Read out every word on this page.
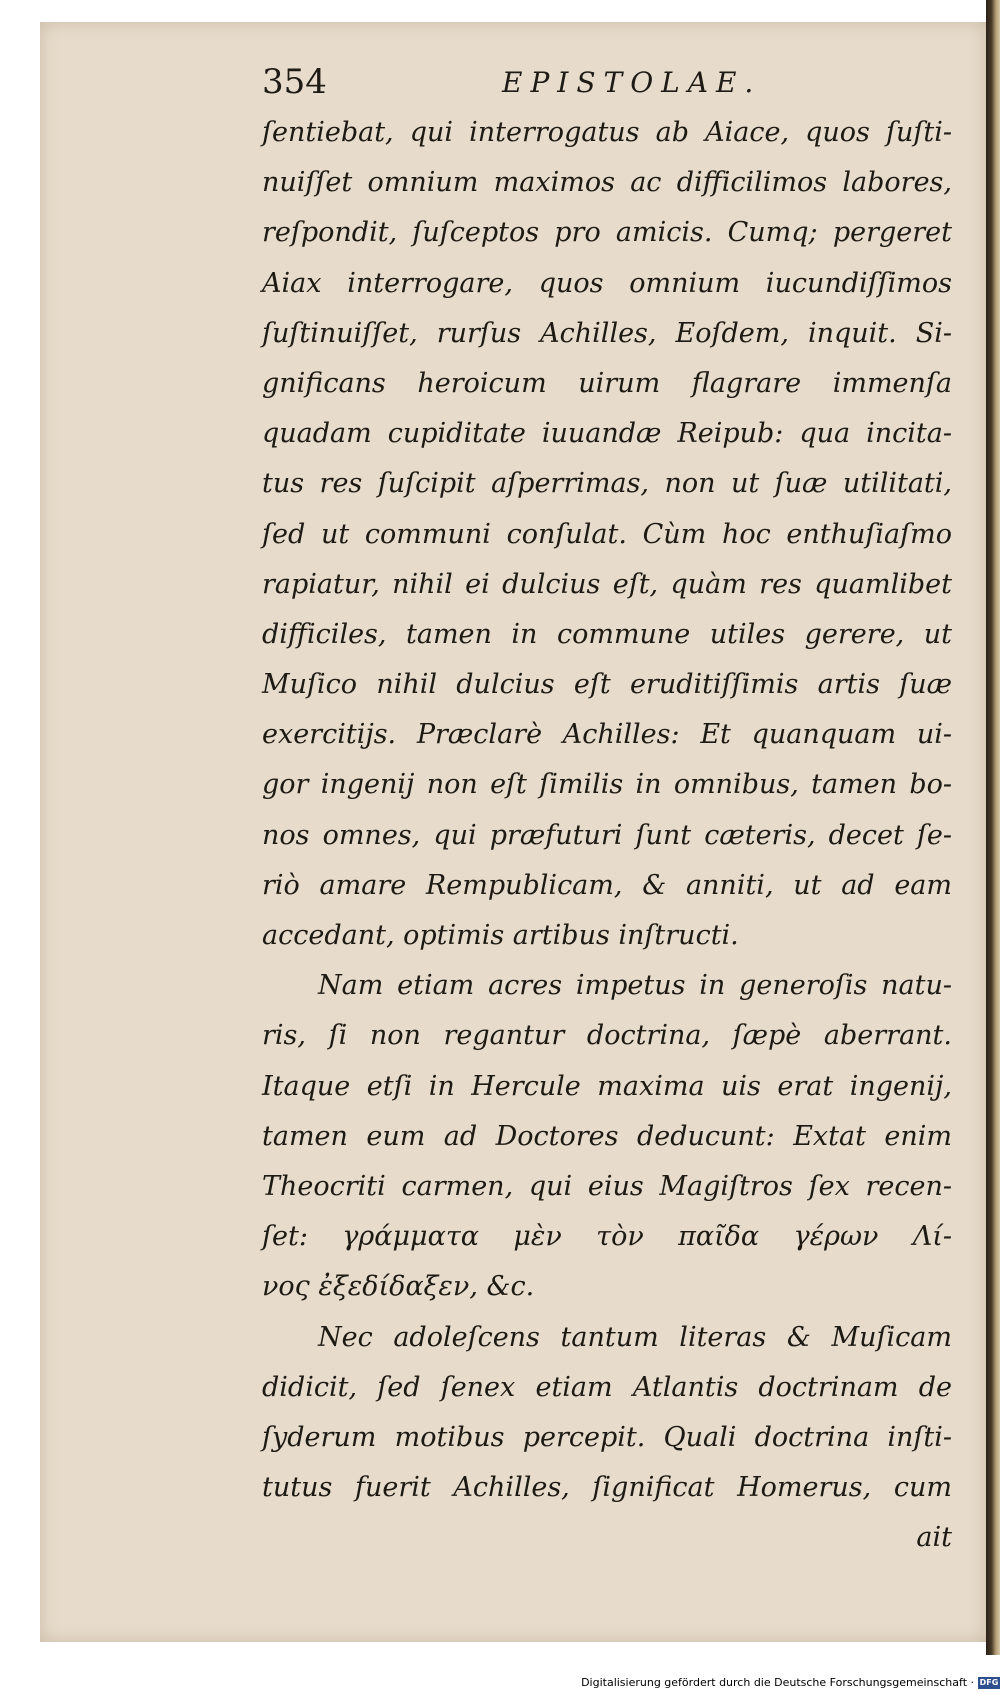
354	EPISTOLAE.
ſentiebat, qui interrogatus ab Aiace, quos ſuſti-
nuiſſet omnium maximos ac difficilimos labores,
reſpondit, ſuſceptos pro amicis. Cumq; pergeret
Aiax interrogare, quos omnium iucundiſſimos
ſuſtinuiſſet, rurſus Achilles, Eoſdem, inquit. Si-
gnificans heroicum uirum flagrare immenſa
quadam cupiditate iuuandæ Reipub: qua incita-
tus res ſuſcipit aſperrimas, non ut ſuæ utilitati,
ſed ut communi conſulat. Cùm hoc enthuſiaſmo
rapiatur, nihil ei dulcius eſt, quàm res quamlibet
difficiles, tamen in commune utiles gerere, ut
Muſico nihil dulcius eſt eruditiſſimis artis ſuæ
exercitijs. Præclarè Achilles: Et quanquam ui-
gor ingenij non eſt ſimilis in omnibus, tamen bo-
nos omnes, qui præfuturi ſunt cæteris, decet ſe-
riò amare Rempublicam, & anniti, ut ad eam
accedant, optimis artibus inſtructi.
Nam etiam acres impetus in generoſis natu-
ris, ſi non regantur doctrina, ſæpè aberrant.
Itaque etſi in Hercule maxima uis erat ingenij,
tamen eum ad Doctores deducunt: Extat enim
Theocriti carmen, qui eius Magiſtros ſex recen-
ſet: γράμματα μὲν τὸν παῖδα γέρων Λί-
νος ἐξεδίδαξεν, &c.
Nec adoleſcens tantum literas & Muſicam
didicit, ſed ſenex etiam Atlantis doctrinam de
ſyderum motibus percepit. Quali doctrina inſti-
tutus fuerit Achilles, ſignificat Homerus, cum
ait
Digitalisierung gefördert durch die Deutsche Forschungsgemeinschaft · DFG
